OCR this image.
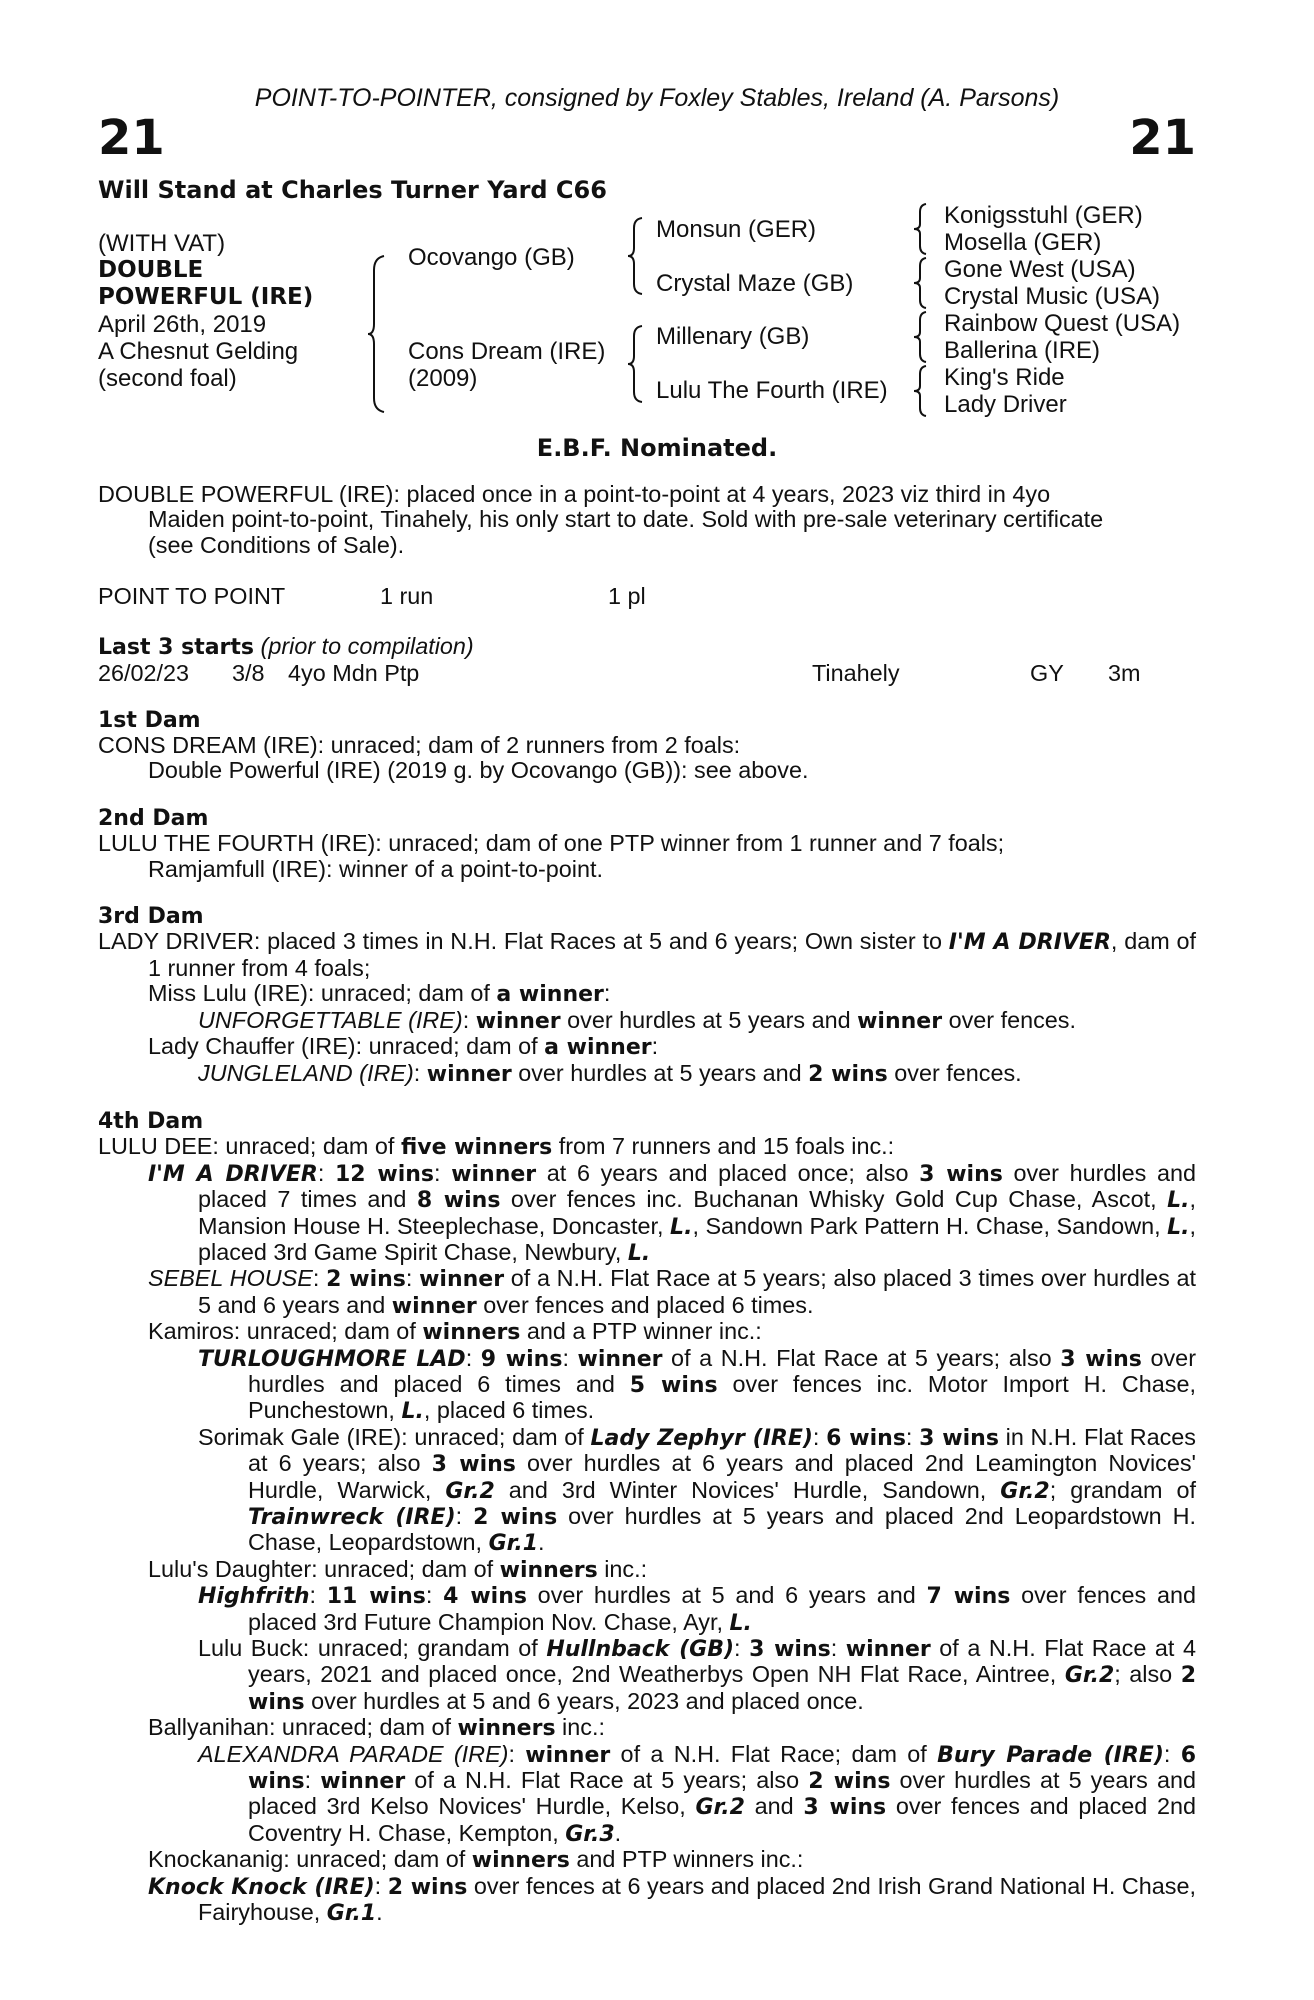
POINT-TO-POINTER, consigned by Foxley Stables, Ireland (A. Parsons)
21	21
Will Stand at Charles Turner Yard C66
(WITH VAT)
DOUBLE
POWERFUL (IRE)
April 26th, 2019
A Chesnut Gelding
(second foal)
Ocovango (GB)
Cons Dream (IRE)
(2009)
Monsun (GER)
Crystal Maze (GB)
Millenary (GB)
Lulu The Fourth (IRE)
Konigsstuhl (GER)
Mosella (GER)
Gone West (USA)
Crystal Music (USA)
Rainbow Quest (USA)
Ballerina (IRE)
King's Ride
Lady Driver
E.B.F. Nominated.

DOUBLE POWERFUL (IRE): placed once in a point-to-point at 4 years, 2023 viz third in 4yo
Maiden point-to-point, Tinahely, his only start to date. Sold with pre-sale veterinary certificate
(see Conditions of Sale).

POINT TO POINT	1 run	1 pl

Last 3 starts (prior to compilation)

26/02/23 3/8 4yo Mdn Ptp	Tinahely	GY 3m

1st Dam

CONS DREAM (IRE): unraced; dam of 2 runners from 2 foals:

Double Powerful (IRE) (2019 g. by Ocovango (GB)): see above.

2nd Dam

LULU THE FOURTH (IRE): unraced; dam of one PTP winner from 1 runner and 7 foals;

Ramjamfull (IRE): winner of a point-to-point.

3rd Dam

LADY DRIVER: placed 3 times in N.H. Flat Races at 5 and 6 years; Own sister to I'M A DRIVER, dam of 1 runner from 4 foals;

Miss Lulu (IRE): unraced; dam of a winner:

UNFORGETTABLE (IRE): winner over hurdles at 5 years and winner over fences.

Lady Chauffer (IRE): unraced; dam of a winner:

JUNGLELAND (IRE): winner over hurdles at 5 years and 2 wins over fences.

4th Dam

LULU DEE: unraced; dam of five winners from 7 runners and 15 foals inc.:

I'M A DRIVER: 12 wins: winner at 6 years and placed once; also 3 wins over hurdles and placed 7 times and 8 wins over fences inc. Buchanan Whisky Gold Cup Chase, Ascot, L., Mansion House H. Steeplechase, Doncaster, L., Sandown Park Pattern H. Chase, Sandown, L., placed 3rd Game Spirit Chase, Newbury, L.

SEBEL HOUSE: 2 wins: winner of a N.H. Flat Race at 5 years; also placed 3 times over hurdles at 5 and 6 years and winner over fences and placed 6 times.

Kamiros: unraced; dam of winners and a PTP winner inc.:

TURLOUGHMORE LAD: 9 wins: winner of a N.H. Flat Race at 5 years; also 3 wins over hurdles and placed 6 times and 5 wins over fences inc. Motor Import H. Chase, Punchestown, L., placed 6 times.

Sorimak Gale (IRE): unraced; dam of Lady Zephyr (IRE): 6 wins: 3 wins in N.H. Flat Races at 6 years; also 3 wins over hurdles at 6 years and placed 2nd Leamington Novices' Hurdle, Warwick, Gr.2 and 3rd Winter Novices' Hurdle, Sandown, Gr.2; grandam of Trainwreck (IRE): 2 wins over hurdles at 5 years and placed 2nd Leopardstown H. Chase, Leopardstown, Gr.1.

Lulu's Daughter: unraced; dam of winners inc.:

Highfrith: 11 wins: 4 wins over hurdles at 5 and 6 years and 7 wins over fences and placed 3rd Future Champion Nov. Chase, Ayr, L.

Lulu Buck: unraced; grandam of Hullnback (GB): 3 wins: winner of a N.H. Flat Race at 4 years, 2021 and placed once, 2nd Weatherbys Open NH Flat Race, Aintree, Gr.2; also 2 wins over hurdles at 5 and 6 years, 2023 and placed once.

Ballyanihan: unraced; dam of winners inc.:

ALEXANDRA PARADE (IRE): winner of a N.H. Flat Race; dam of Bury Parade (IRE): 6 wins: winner of a N.H. Flat Race at 5 years; also 2 wins over hurdles at 5 years and placed 3rd Kelso Novices' Hurdle, Kelso, Gr.2 and 3 wins over fences and placed 2nd Coventry H. Chase, Kempton, Gr.3.

Knockananig: unraced; dam of winners and PTP winners inc.:

Knock Knock (IRE): 2 wins over fences at 6 years and placed 2nd Irish Grand National H. Chase, Fairyhouse, Gr.1.
